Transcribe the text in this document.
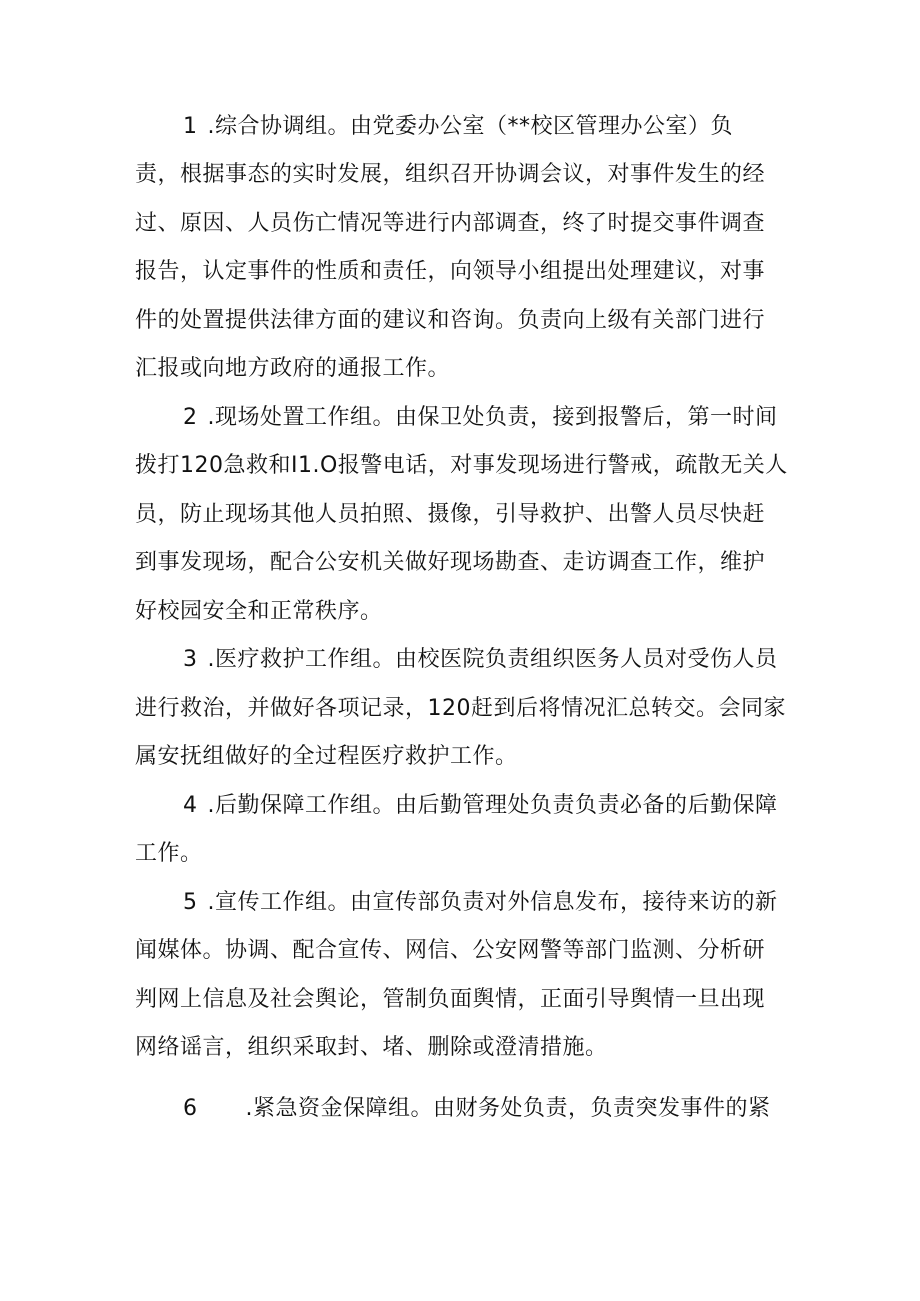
1 .综合协调组。由党委办公室（**校区管理办公室）负
责，根据事态的实时发展，组织召开协调会议，对事件发生的经
过、原因、人员伤亡情况等进行内部调查，终了时提交事件调查
报告，认定事件的性质和责任，向领导小组提出处理建议，对事
件的处置提供法律方面的建议和咨询。负责向上级有关部门进行
汇报或向地方政府的通报工作。
2 .现场处置工作组。由保卫处负责，接到报警后，第一时间
拨打120急救和I1.O报警电话，对事发现场进行警戒，疏散无关人
员，防止现场其他人员拍照、摄像，引导救护、出警人员尽快赶
到事发现场，配合公安机关做好现场勘查、走访调查工作，维护
好校园安全和正常秩序。
3 .医疗救护工作组。由校医院负责组织医务人员对受伤人员
进行救治，并做好各项记录，120赶到后将情况汇总转交。会同家
属安抚组做好的全过程医疗救护工作。
4 .后勤保障工作组。由后勤管理处负责负责必备的后勤保障
工作。
5 .宣传工作组。由宣传部负责对外信息发布，接待来访的新
闻媒体。协调、配合宣传、网信、公安网警等部门监测、分析研
判网上信息及社会舆论，管制负面舆情，正面引导舆情一旦出现
网络谣言，组织采取封、堵、删除或澄清措施。
6 .紧急资金保障组。由财务处负责，负责突发事件的紧
